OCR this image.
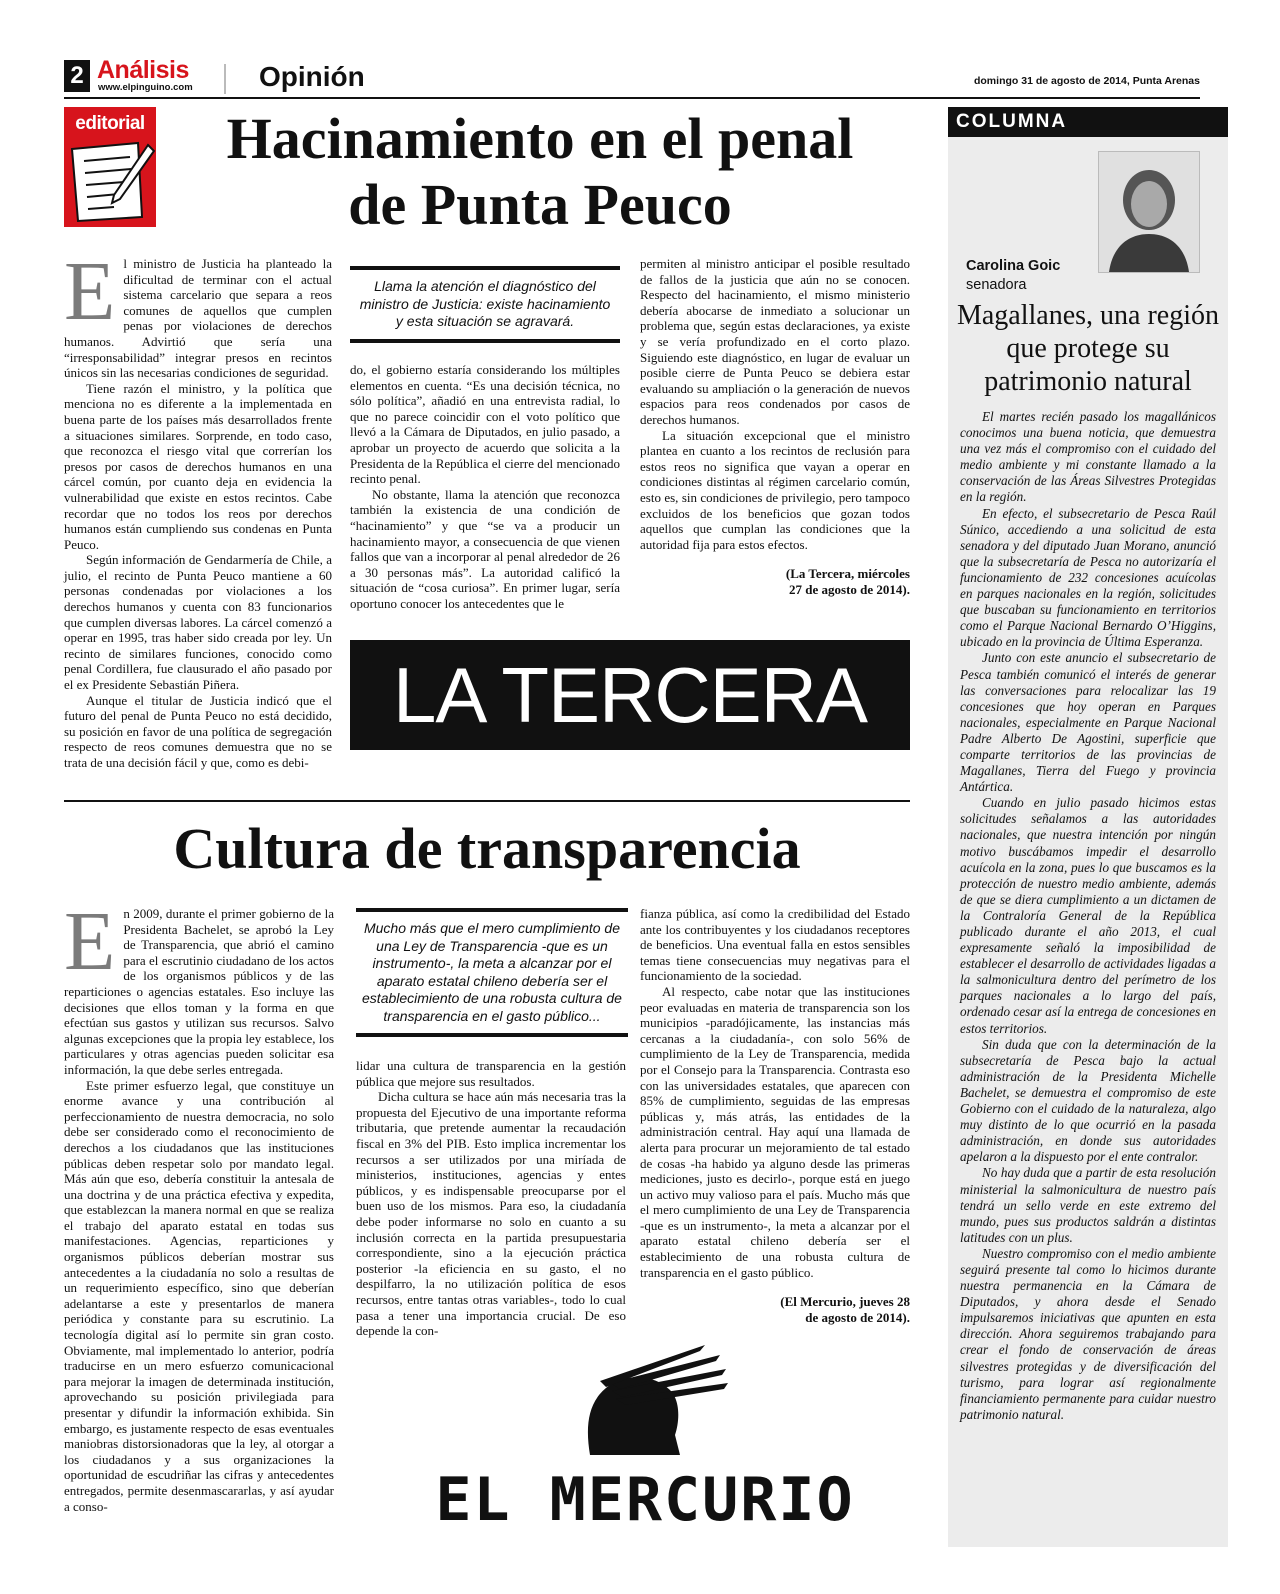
2 Análisis
www.elpinguino.com Opinión	domingo 31 de agosto de 2014, Punta Arenas
editorial	Hacinamiento en el penal
de Punta Peuco
E l ministro de Justicia ha planteado la dificultad de terminar con el actual sistema carcelario que separa a reos comunes de aquellos que cumplen penas por violaciones de derechos humanos. Advirtió que sería una “irresponsabilidad” integrar presos en recintos únicos sin las necesarias condiciones de seguridad.

Tiene razón el ministro, y la política que menciona no es diferente a la implementada en buena parte de los países más desarrollados frente a situaciones similares. Sorprende, en todo caso, que reconozca el riesgo vital que correrían los presos por casos de derechos humanos en una cárcel común, por cuanto deja en evidencia la vulnerabilidad que existe en estos recintos. Cabe recordar que no todos los reos por derechos humanos están cumpliendo sus condenas en Punta Peuco.

Según información de Gendarmería de Chile, a julio, el recinto de Punta Peuco mantiene a 60 personas condenadas por violaciones a los derechos humanos y cuenta con 83 funcionarios que cumplen diversas labores. La cárcel comenzó a operar en 1995, tras haber sido creada por ley. Un recinto de similares funciones, conocido como penal Cordillera, fue clausurado el año pasado por el ex Presidente Sebastián Piñera.

Aunque el titular de Justicia indicó que el futuro del penal de Punta Peuco no está decidido, su posición en favor de una política de segregación respecto de reos comunes demuestra que no se trata de una decisión fácil y que, como es debi-

Llama la atención el diagnóstico del ministro de Justicia: existe hacinamiento y esta situación se agravará.

do, el gobierno estaría considerando los múltiples elementos en cuenta. “Es una decisión técnica, no sólo política”, añadió en una entrevista radial, lo que no parece coincidir con el voto político que llevó a la Cámara de Diputados, en julio pasado, a aprobar un proyecto de acuerdo que solicita a la Presidenta de la República el cierre del mencionado recinto penal.

No obstante, llama la atención que reconozca también la existencia de una condición de “hacinamiento” y que “se va a producir un hacinamiento mayor, a consecuencia de que vienen fallos que van a incorporar al penal alrededor de 26 a 30 personas más”. La autoridad calificó la situación de “cosa curiosa”. En primer lugar, sería oportuno conocer los antecedentes que le

permiten al ministro anticipar el posible resultado de fallos de la justicia que aún no se conocen. Respecto del hacinamiento, el mismo ministerio debería abocarse de inmediato a solucionar un problema que, según estas declaraciones, ya existe y se vería profundizado en el corto plazo. Siguiendo este diagnóstico, en lugar de evaluar un posible cierre de Punta Peuco se debiera estar evaluando su ampliación o la generación de nuevos espacios para reos condenados por casos de derechos humanos.

La situación excepcional que el ministro plantea en cuanto a los recintos de reclusión para estos reos no significa que vayan a operar en condiciones distintas al régimen carcelario común, esto es, sin condiciones de privilegio, pero tampoco excluidos de los beneficios que gozan todos aquellos que cumplan las condiciones que la autoridad fija para estos efectos.

(La Tercera, miércoles
27 de agosto de 2014).

LA TERCERA
Cultura de transparencia
E n 2009, durante el primer gobierno de la Presidenta Bachelet, se aprobó la Ley de Transparencia, que abrió el camino para el escrutinio ciudadano de los actos de los organismos públicos y de las reparticiones o agencias estatales. Eso incluye las decisiones que ellos toman y la forma en que efectúan sus gastos y utilizan sus recursos. Salvo algunas excepciones que la propia ley establece, los particulares y otras agencias pueden solicitar esa información, la que debe serles entregada.

Este primer esfuerzo legal, que constituye un enorme avance y una contribución al perfeccionamiento de nuestra democracia, no solo debe ser considerado como el reconocimiento de derechos a los ciudadanos que las instituciones públicas deben respetar solo por mandato legal. Más aún que eso, debería constituir la antesala de una doctrina y de una práctica efectiva y expedita, que establezcan la manera normal en que se realiza el trabajo del aparato estatal en todas sus manifestaciones. Agencias, reparticiones y organismos públicos deberían mostrar sus antecedentes a la ciudadanía no solo a resultas de un requerimiento específico, sino que deberían adelantarse a este y presentarlos de manera periódica y constante para su escrutinio. La tecnología digital así lo permite sin gran costo. Obviamente, mal implementado lo anterior, podría traducirse en un mero esfuerzo comunicacional para mejorar la imagen de determinada institución, aprovechando su posición privilegiada para presentar y difundir la información exhibida. Sin embargo, es justamente respecto de esas eventuales maniobras distorsionadoras que la ley, al otorgar a los ciudadanos y a sus organizaciones la oportunidad de escudriñar las cifras y antecedentes entregados, permite desenmascararlas, y así ayudar a conso-

Mucho más que el mero cumplimiento de una Ley de Transparencia -que es un instrumento-, la meta a alcanzar por el aparato estatal chileno debería ser el establecimiento de una robusta cultura de transparencia en el gasto público...

lidar una cultura de transparencia en la gestión pública que mejore sus resultados.

Dicha cultura se hace aún más necesaria tras la propuesta del Ejecutivo de una importante reforma tributaria, que pretende aumentar la recaudación fiscal en 3% del PIB. Esto implica incrementar los recursos a ser utilizados por una miríada de ministerios, instituciones, agencias y entes públicos, y es indispensable preocuparse por el buen uso de los mismos. Para eso, la ciudadanía debe poder informarse no solo en cuanto a su inclusión correcta en la partida presupuestaria correspondiente, sino a la ejecución práctica posterior -la eficiencia en su gasto, el no despilfarro, la no utilización política de esos recursos, entre tantas otras variables-, todo lo cual pasa a tener una importancia crucial. De eso depende la con-

fianza pública, así como la credibilidad del Estado ante los contribuyentes y los ciudadanos receptores de beneficios. Una eventual falla en estos sensibles temas tiene consecuencias muy negativas para el funcionamiento de la sociedad.

Al respecto, cabe notar que las instituciones peor evaluadas en materia de transparencia son los municipios -paradójicamente, las instancias más cercanas a la ciudadanía-, con solo 56% de cumplimiento de la Ley de Transparencia, medida por el Consejo para la Transparencia. Contrasta eso con las universidades estatales, que aparecen con 85% de cumplimiento, seguidas de las empresas públicas y, más atrás, las entidades de la administración central. Hay aquí una llamada de alerta para procurar un mejoramiento de tal estado de cosas -ha habido ya alguno desde las primeras mediciones, justo es decirlo-, porque está en juego un activo muy valioso para el país. Mucho más que el mero cumplimiento de una Ley de Transparencia -que es un instrumento-, la meta a alcanzar por el aparato estatal chileno debería ser el establecimiento de una robusta cultura de transparencia en el gasto público.

(El Mercurio, jueves 28
de agosto de 2014).

EL MERCURIO
COLUMNA
Carolina Goic
senadora
Magallanes, una región que protege su patrimonio natural

El martes recién pasado los magallánicos conocimos una buena noticia, que demuestra una vez más el compromiso con el cuidado del medio ambiente y mi constante llamado a la conservación de las Áreas Silvestres Protegidas en la región.

En efecto, el subsecretario de Pesca Raúl Súnico, accediendo a una solicitud de esta senadora y del diputado Juan Morano, anunció que la subsecretaría de Pesca no autorizaría el funcionamiento de 232 concesiones acuícolas en parques nacionales en la región, solicitudes que buscaban su funcionamiento en territorios como el Parque Nacional Bernardo O’Higgins, ubicado en la provincia de Última Esperanza.

Junto con este anuncio el subsecretario de Pesca también comunicó el interés de generar las conversaciones para relocalizar las 19 concesiones que hoy operan en Parques nacionales, especialmente en Parque Nacional Padre Alberto De Agostini, superficie que comparte territorios de las provincias de Magallanes, Tierra del Fuego y provincia Antártica.

Cuando en julio pasado hicimos estas solicitudes señalamos a las autoridades nacionales, que nuestra intención por ningún motivo buscábamos impedir el desarrollo acuícola en la zona, pues lo que buscamos es la protección de nuestro medio ambiente, además de que se diera cumplimiento a un dictamen de la Contraloría General de la República publicado durante el año 2013, el cual expresamente señaló la imposibilidad de establecer el desarrollo de actividades ligadas a la salmonicultura dentro del perímetro de los parques nacionales a lo largo del país, ordenado cesar así la entrega de concesiones en estos territorios.

Sin duda que con la determinación de la subsecretaría de Pesca bajo la actual administración de la Presidenta Michelle Bachelet, se demuestra el compromiso de este Gobierno con el cuidado de la naturaleza, algo muy distinto de lo que ocurrió en la pasada administración, en donde sus autoridades apelaron a la dispuesto por el ente contralor.

No hay duda que a partir de esta resolución ministerial la salmonicultura de nuestro país tendrá un sello verde en este extremo del mundo, pues sus productos saldrán a distintas latitudes con un plus.

Nuestro compromiso con el medio ambiente seguirá presente tal como lo hicimos durante nuestra permanencia en la Cámara de Diputados, y ahora desde el Senado impulsaremos iniciativas que apunten en esta dirección. Ahora seguiremos trabajando para crear el fondo de conservación de áreas silvestres protegidas y de diversificación del turismo, para lograr así regionalmente financiamiento permanente para cuidar nuestro patrimonio natural.
